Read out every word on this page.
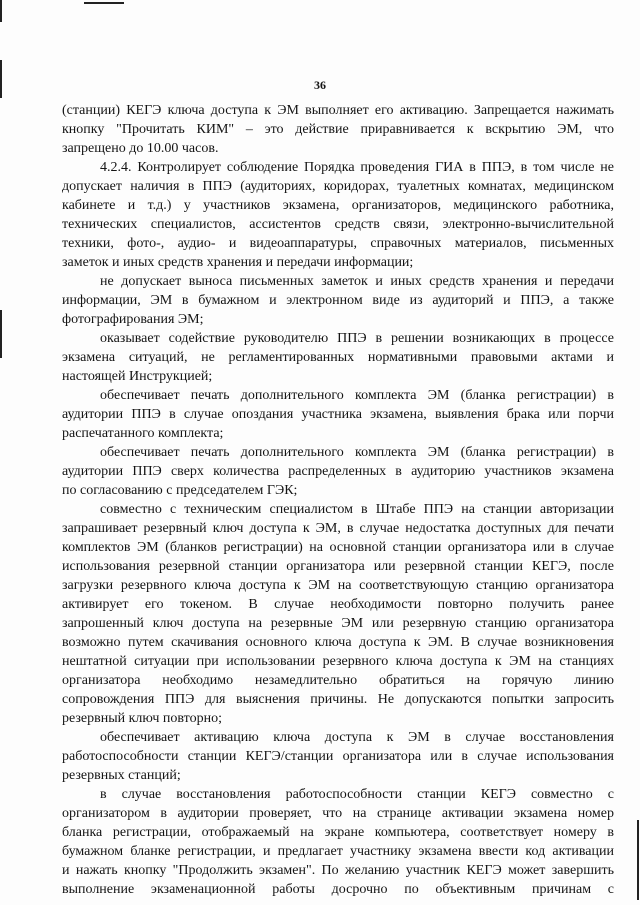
36

(станции) КЕГЭ ключа доступа к ЭМ выполняет его активацию. Запрещается нажимать

кнопку "Прочитать КИМ" – это действие приравнивается к вскрытию ЭМ, что

запрещено до 10.00 часов.

4.2.4. Контролирует соблюдение Порядка проведения ГИА в ППЭ, в том числе не

допускает наличия в ППЭ (аудиториях, коридорах, туалетных комнатах, медицинском

кабинете и т.д.) у участников экзамена, организаторов, медицинского работника,

технических специалистов, ассистентов средств связи, электронно-вычислительной

техники, фото-, аудио- и видеоаппаратуры, справочных материалов, письменных

заметок и иных средств хранения и передачи информации;

не допускает выноса письменных заметок и иных средств хранения и передачи

информации, ЭМ в бумажном и электронном виде из аудиторий и ППЭ, а также

фотографирования ЭМ;

оказывает содействие руководителю ППЭ в решении возникающих в процессе

экзамена ситуаций, не регламентированных нормативными правовыми актами и

настоящей Инструкцией;

обеспечивает печать дополнительного комплекта ЭМ (бланка регистрации) в

аудитории ППЭ в случае опоздания участника экзамена, выявления брака или порчи

распечатанного комплекта;

обеспечивает печать дополнительного комплекта ЭМ (бланка регистрации) в

аудитории ППЭ сверх количества распределенных в аудиторию участников экзамена

по согласованию с председателем ГЭК;

совместно с техническим специалистом в Штабе ППЭ на станции авторизации

запрашивает резервный ключ доступа к ЭМ, в случае недостатка доступных для печати

комплектов ЭМ (бланков регистрации) на основной станции организатора или в случае

использования резервной станции организатора или резервной станции КЕГЭ, после

загрузки резервного ключа доступа к ЭМ на соответствующую станцию организатора

активирует его токеном. В случае необходимости повторно получить ранее

запрошенный ключ доступа на резервные ЭМ или резервную станцию организатора

возможно путем скачивания основного ключа доступа к ЭМ. В случае возникновения

нештатной ситуации при использовании резервного ключа доступа к ЭМ на станциях

организатора необходимо незамедлительно обратиться на горячую линию

сопровождения ППЭ для выяснения причины. Не допускаются попытки запросить

резервный ключ повторно;

обеспечивает активацию ключа доступа к ЭМ в случае восстановления

работоспособности станции КЕГЭ/станции организатора или в случае использования

резервных станций;

в случае восстановления работоспособности станции КЕГЭ совместно с

организатором в аудитории проверяет, что на странице активации экзамена номер

бланка регистрации, отображаемый на экране компьютера, соответствует номеру в

бумажном бланке регистрации, и предлагает участнику экзамена ввести код активации

и нажать кнопку "Продолжить экзамен". По желанию участник КЕГЭ может завершить

выполнение экзаменационной работы досрочно по объективным причинам с
